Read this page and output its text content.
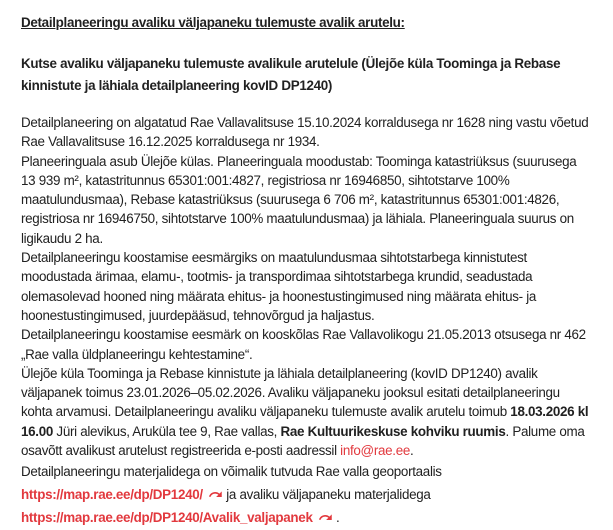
Detailplaneeringu avaliku väljapaneku tulemuste avalik arutelu:

Kutse avaliku väljapaneku tulemuste avalikule arutelule (Ülejõe küla Toominga ja Rebase kinnistute ja lähiala detailplaneering kovID DP1240)

Detailplaneering on algatatud Rae Vallavalitsuse 15.10.2024 korraldusega nr 1628 ning vastu võetud Rae Vallavalitsuse 16.12.2025 korraldusega nr 1934.

Planeeringuala asub Ülejõe külas. Planeeringuala moodustab: Toominga katastriüksus (suurusega 13 939 m², katastritunnus 65301:001:4827, registriosa nr 16946850, sihtotstarve 100% maatulundusmaa), Rebase katastriüksus (suurusega 6 706 m², katastritunnus 65301:001:4826, registriosa nr 16946750, sihtotstarve 100% maatulundusmaa) ja lähiala. Planeeringuala suurus on ligikaudu 2 ha.

Detailplaneeringu koostamise eesmärgiks on maatulundusmaa sihtotstarbega kinnistutest moodustada ärimaa, elamu-, tootmis- ja transpordimaa sihtotstarbega krundid, seadustada olemasolevad hooned ning määrata ehitus- ja hoonestustingimused ning määrata ehitus- ja hoonestustingimused, juurdepääsud, tehnovõrgud ja haljastus.

Detailplaneeringu koostamise eesmärk on kooskõlas Rae Vallavolikogu 21.05.2013 otsusega nr 462 „Rae valla üldplaneeringu kehtestamine“.

Ülejõe küla Toominga ja Rebase kinnistute ja lähiala detailplaneering (kovID DP1240) avalik väljapanek toimus 23.01.2026–05.02.2026. Avaliku väljapaneku jooksul esitati detailplaneeringu kohta arvamusi. Detailplaneeringu avaliku väljapaneku tulemuste avalik arutelu toimub 18.03.2026 kl 16.00 Jüri alevikus, Aruküla tee 9, Rae vallas, Rae Kultuurikeskuse kohviku ruumis. Palume oma osavõtt avalikust arutelust registreerida e-posti aadressil info@rae.ee.

Detailplaneeringu materjalidega on võimalik tutvuda Rae valla geoportaalis https://map.rae.ee/dp/DP1240/ ja avaliku väljapaneku materjalidega https://map.rae.ee/dp/DP1240/Avalik_valjapanek .
